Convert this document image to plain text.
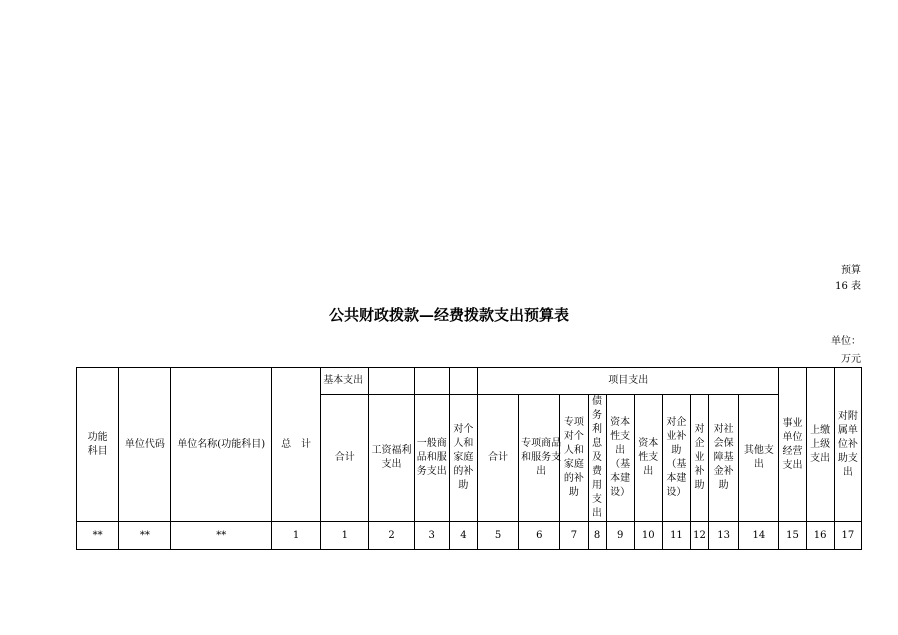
预算
16 表
公共财政拨款—经费拨款支出预算表
单位：
万元
功能科目	单位代码	单位名称(功能科目)	总　计	基本支出				项目支出										事业单位经营支出	上缴上级支出	对附属单位补助支出
				合计	工资福利支出	一般商品和服务支出	对个人和家庭的补助	合计	专项商品和服务支出	专项对个人和家庭的补助	债务利息及费用支出	资本性支出（基本建设）	资本性支出	对企业补助（基本建设）	对企业补助	对社会保障基金补助	其他支出			
**	**	**	1	1	2	3	4	5	6	7	8	9	10	11	12	13	14	15	16	17
